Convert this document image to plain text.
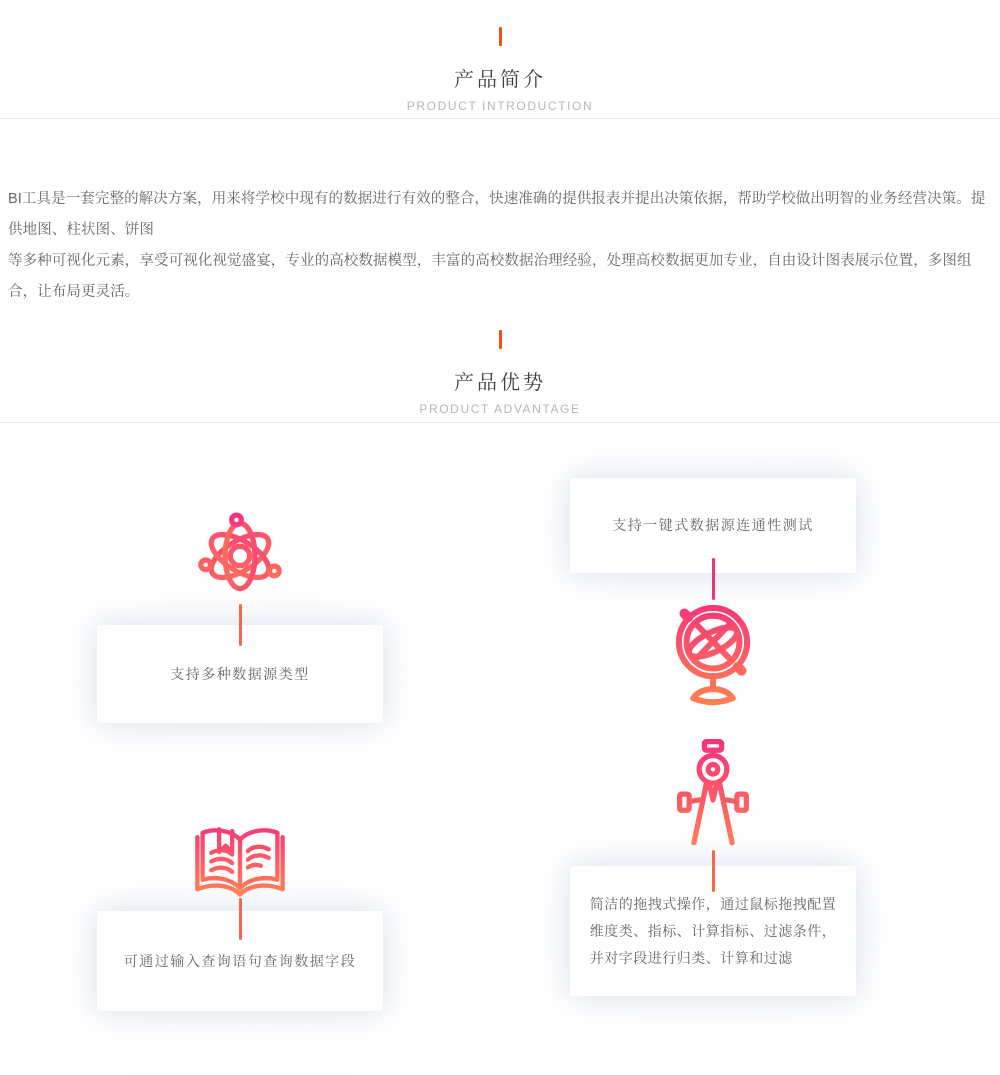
产品简介
PRODUCT INTRODUCTION

BI工具是一套完整的解决方案，用来将学校中现有的数据进行有效的整合，快速准确的提供报表并提出决策依据，帮助学校做出明智的业务经营决策。提供地图、柱状图、饼图
等多种可视化元素，享受可视化视觉盛宴，专业的高校数据模型，丰富的高校数据治理经验，处理高校数据更加专业，自由设计图表展示位置，多图组合，让布局更灵活。

产品优势
PRODUCT ADVANTAGE
支持多种数据源类型
支持一键式数据源连通性测试
可通过输入查询语句查询数据字段
简洁的拖拽式操作，通过鼠标拖拽配置
维度类、指标、计算指标、过滤条件，
并对字段进行归类、计算和过滤
